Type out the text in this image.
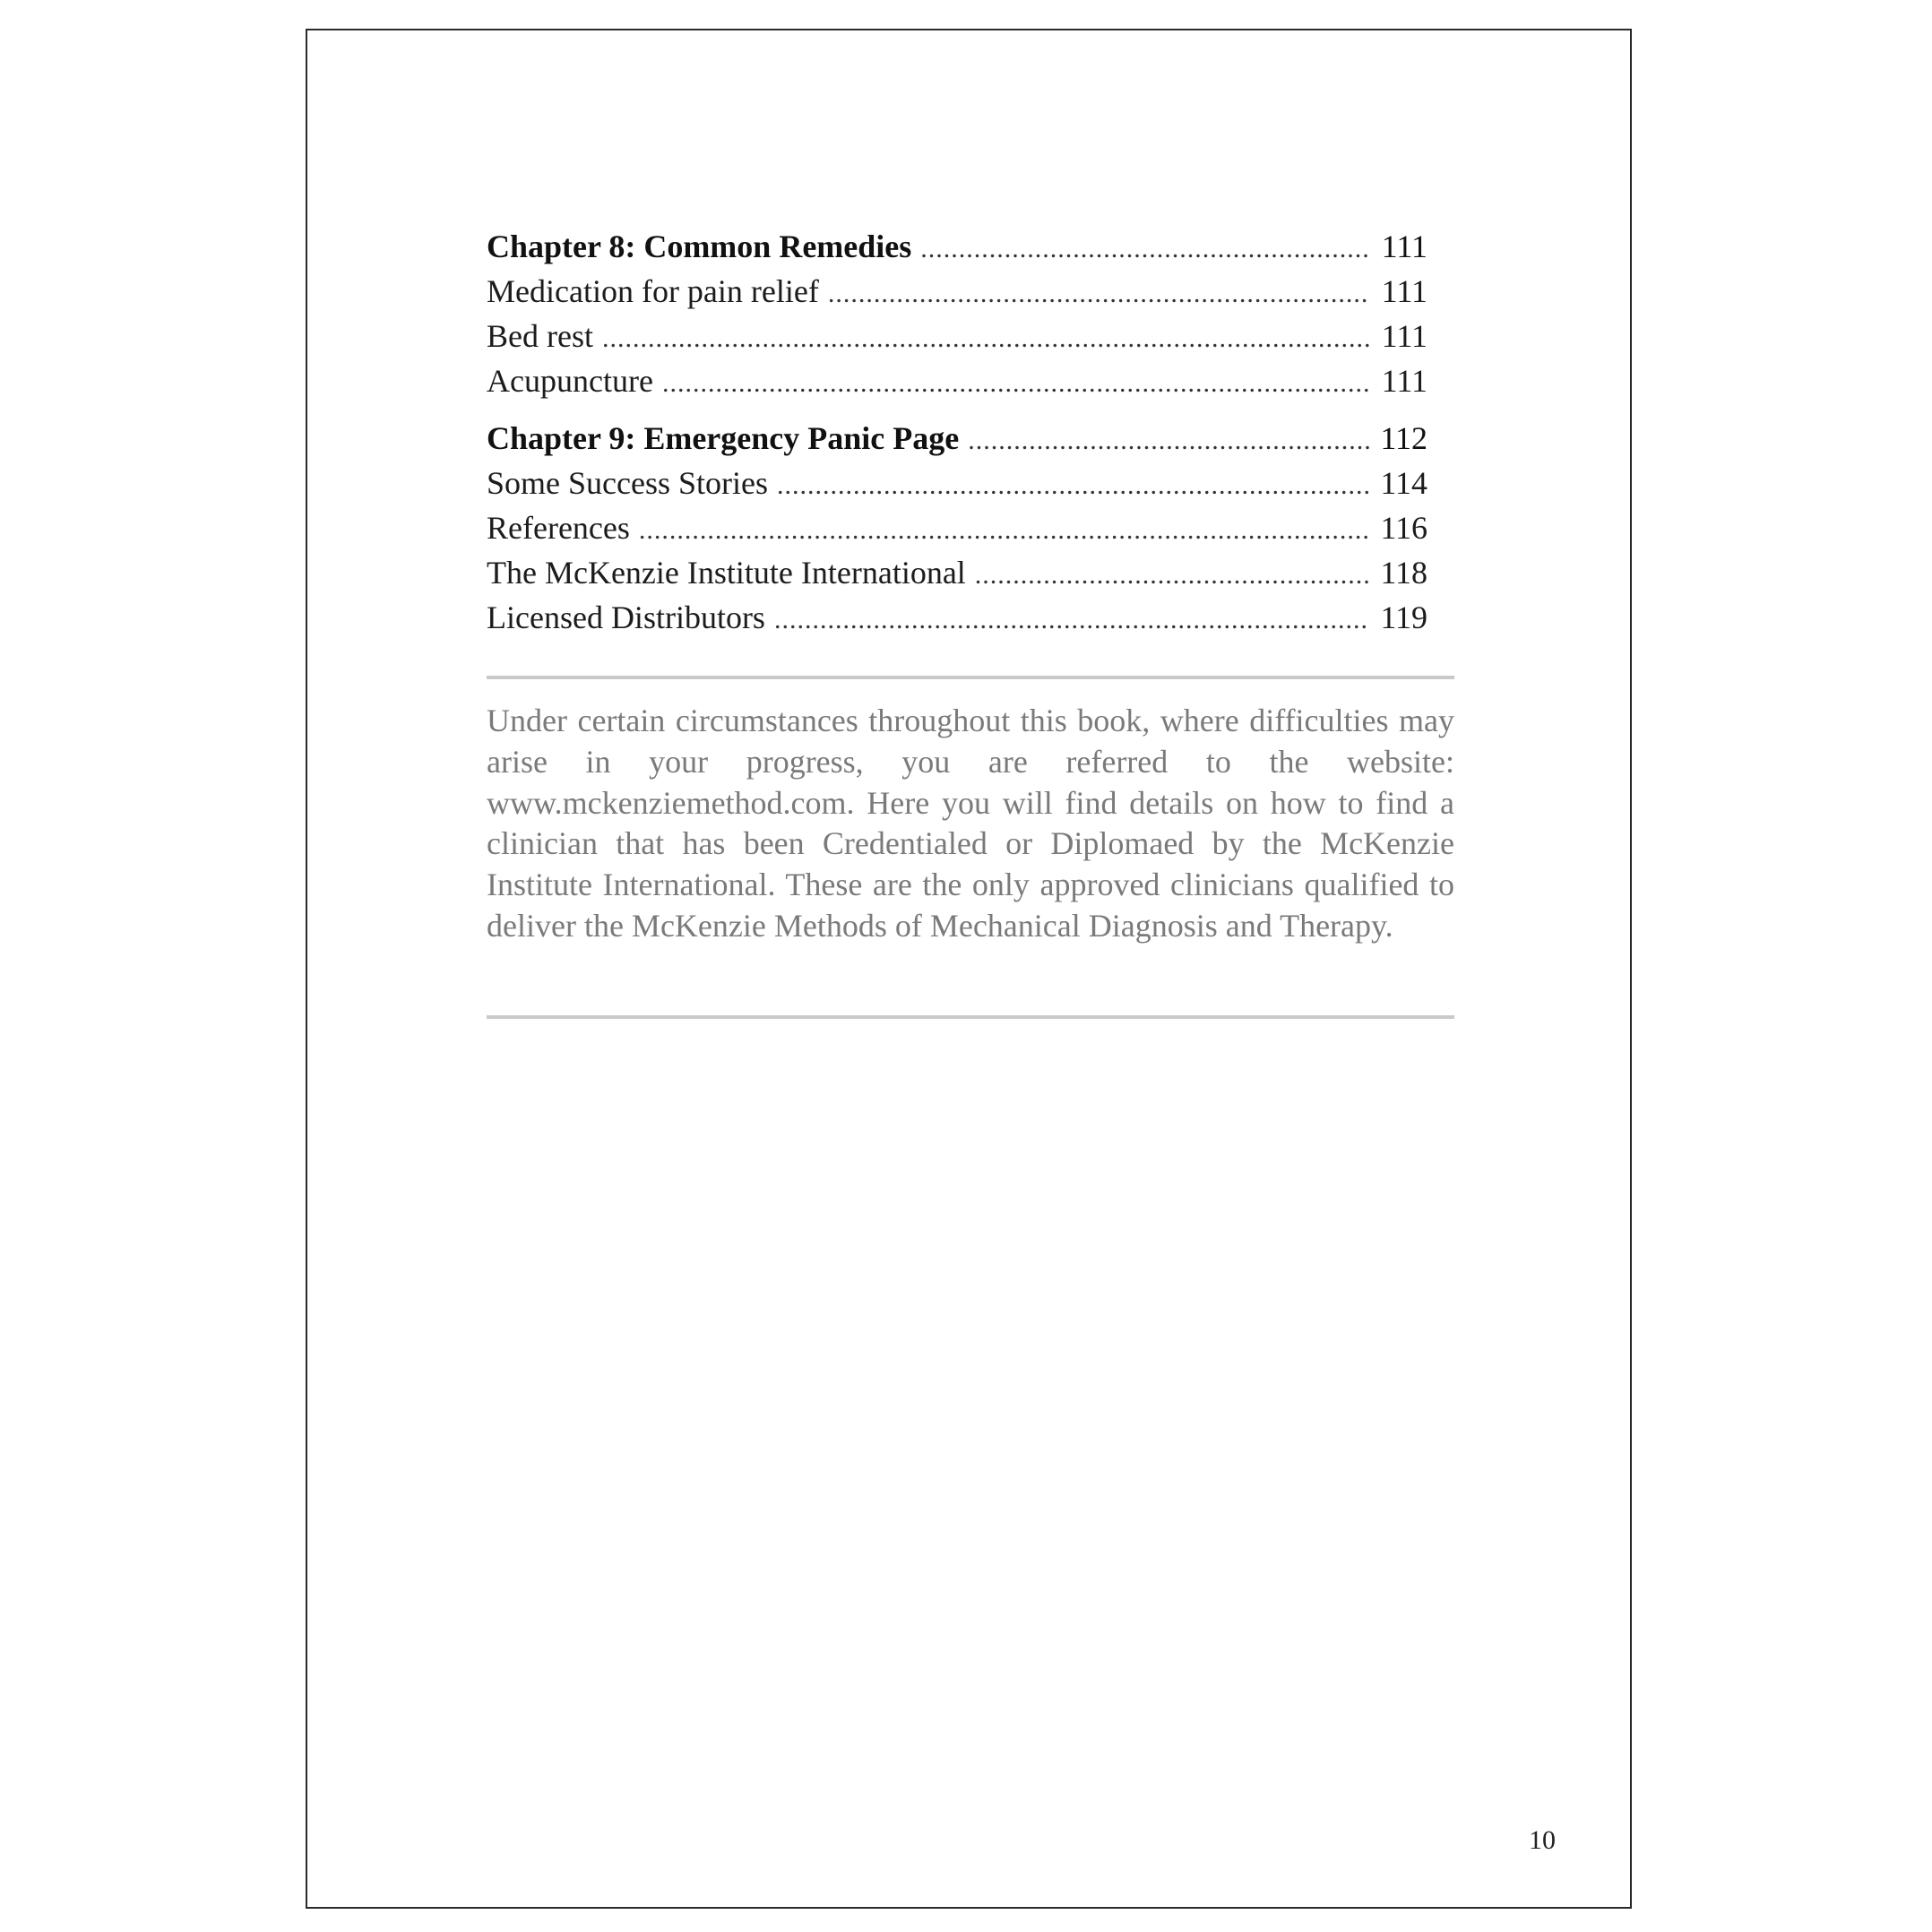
Chapter 8: Common Remedies .....	111
Medication for pain relief .....	111
Bed rest .....	111
Acupuncture .....	111
Chapter 9: Emergency Panic Page .....	112
Some Success Stories .....	114
References .....	116
The McKenzie Institute International .....	118
Licensed Distributors .....	119

Under certain circumstances throughout this book, where difficulties may arise in your progress, you are referred to the website: www.mckenziemethod.com. Here you will find details on how to find a clinician that has been Credentialed or Diplomaed by the McKenzie Institute International. These are the only approved clinicians qualified to deliver the McKenzie Methods of Mechanical Diagnosis and Therapy.

10
